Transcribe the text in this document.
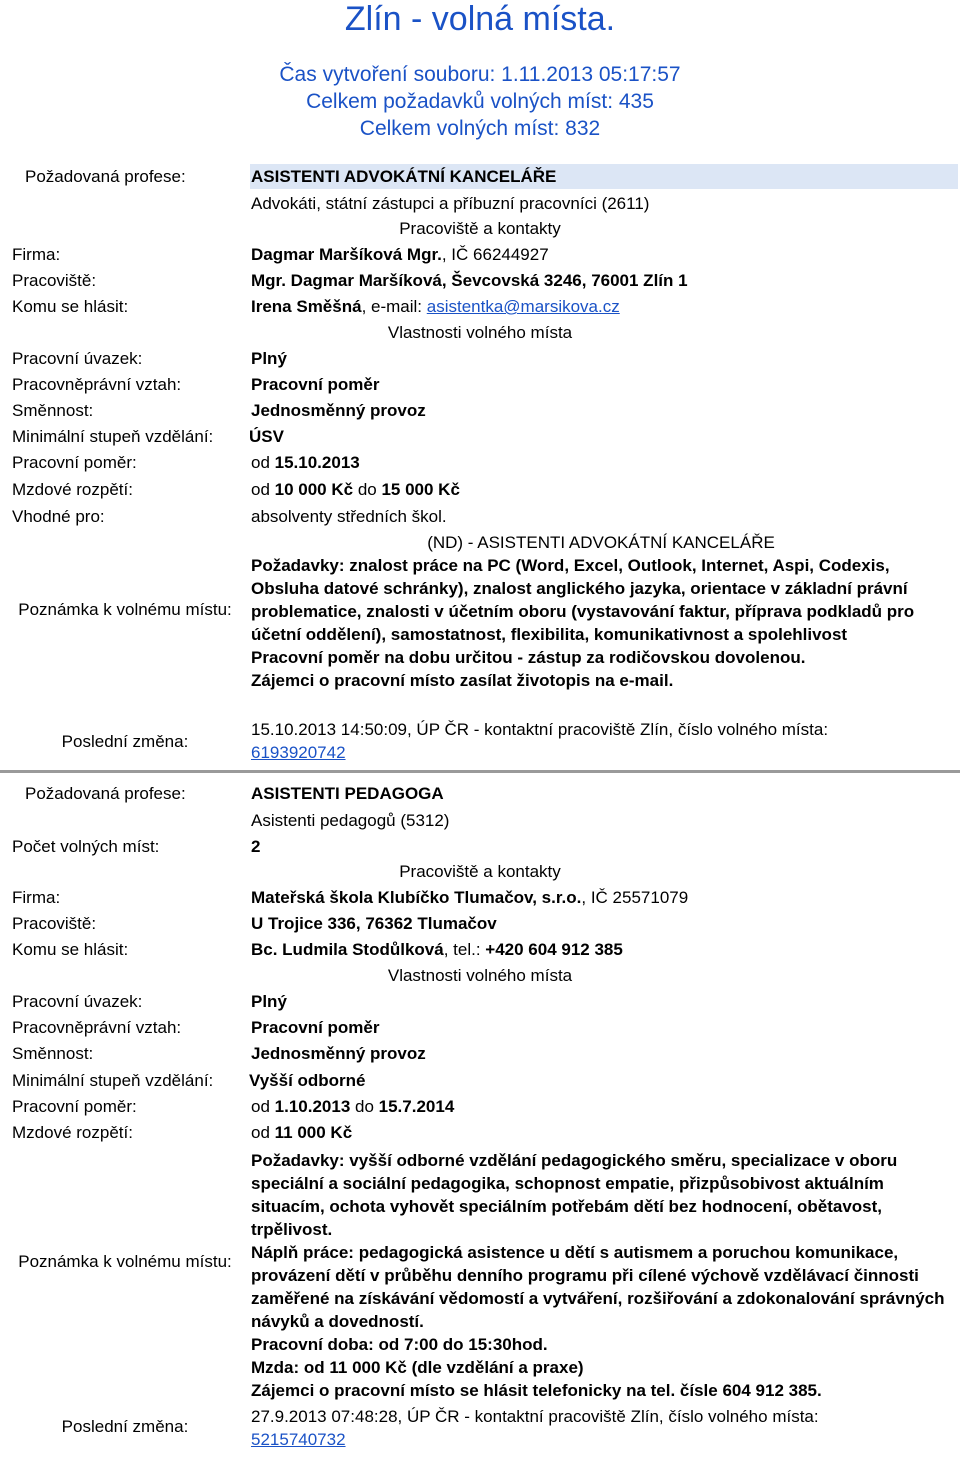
Zlín - volná místa.
Čas vytvoření souboru: 1.11.2013 05:17:57
Celkem požadavků volných míst: 435
Celkem volných míst: 832
Požadovaná profese:	ASISTENTI ADVOKÁTNÍ KANCELÁŘE
Advokáti, státní zástupci a příbuzní pracovníci (2611)
Pracoviště a kontakty
Firma:	Dagmar Maršíková Mgr., IČ 66244927
Pracoviště:	Mgr. Dagmar Maršíková, Ševcovská 3246, 76001 Zlín 1
Komu se hlásit:	Irena Směšná, e-mail: asistentka@marsikova.cz
Vlastnosti volného místa
Pracovní úvazek:	Plný
Pracovněprávní vztah:	Pracovní poměr
Směnnost:	Jednosměnný provoz
Minimální stupeň vzdělání: ÚSV
Pracovní poměr:	od 15.10.2013
Mzdové rozpětí:	od 10 000 Kč do 15 000 Kč
Vhodné pro:	absolventy středních škol.
Poznámka k volnému místu:
(ND) - ASISTENTI ADVOKÁTNÍ KANCELÁŘE
Požadavky: znalost práce na PC (Word, Excel, Outlook, Internet, Aspi, Codexis, Obsluha datové schránky), znalost anglického jazyka, orientace v základní právní problematice, znalosti v účetním oboru (vystavování faktur, příprava podkladů pro účetní oddělení), samostatnost, flexibilita, komunikativnost a spolehlivost
Pracovní poměr na dobu určitou - zástup za rodičovskou dovolenou.
Zájemci o pracovní místo zasílat životopis na e-mail.
Poslední změna:
15.10.2013 14:50:09, ÚP ČR - kontaktní pracoviště Zlín, číslo volného místa:
6193920742
Požadovaná profese:	ASISTENTI PEDAGOGA
Asistenti pedagogů (5312)
Počet volných míst:	2
Pracoviště a kontakty
Firma:	Mateřská škola Klubíčko Tlumačov, s.r.o., IČ 25571079
Pracoviště:	U Trojice 336, 76362 Tlumačov
Komu se hlásit:	Bc. Ludmila Stodůlková, tel.: +420 604 912 385
Vlastnosti volného místa
Pracovní úvazek:	Plný
Pracovněprávní vztah:	Pracovní poměr
Směnnost:	Jednosměnný provoz
Minimální stupeň vzdělání: Vyšší odborné
Pracovní poměr:	od 1.10.2013 do 15.7.2014
Mzdové rozpětí:	od 11 000 Kč
Poznámka k volnému místu:
Požadavky: vyšší odborné vzdělání pedagogického směru, specializace v oboru speciální a sociální pedagogika, schopnost empatie, přizpůsobivost aktuálním situacím, ochota vyhovět speciálním potřebám dětí bez hodnocení, obětavost, trpělivost.
Náplň práce: pedagogická asistence u dětí s autismem a poruchou komunikace, provázení dětí v průběhu denního programu při cílené výchově vzdělávací činnosti zaměřené na získávání vědomostí a vytváření, rozšiřování a zdokonalování správných návyků a dovedností.
Pracovní doba: od 7:00 do 15:30hod.
Mzda: od 11 000 Kč (dle vzdělání a praxe)
Zájemci o pracovní místo se hlásit telefonicky na tel. čísle 604 912 385.
Poslední změna:
27.9.2013 07:48:28, ÚP ČR - kontaktní pracoviště Zlín, číslo volného místa:
5215740732
